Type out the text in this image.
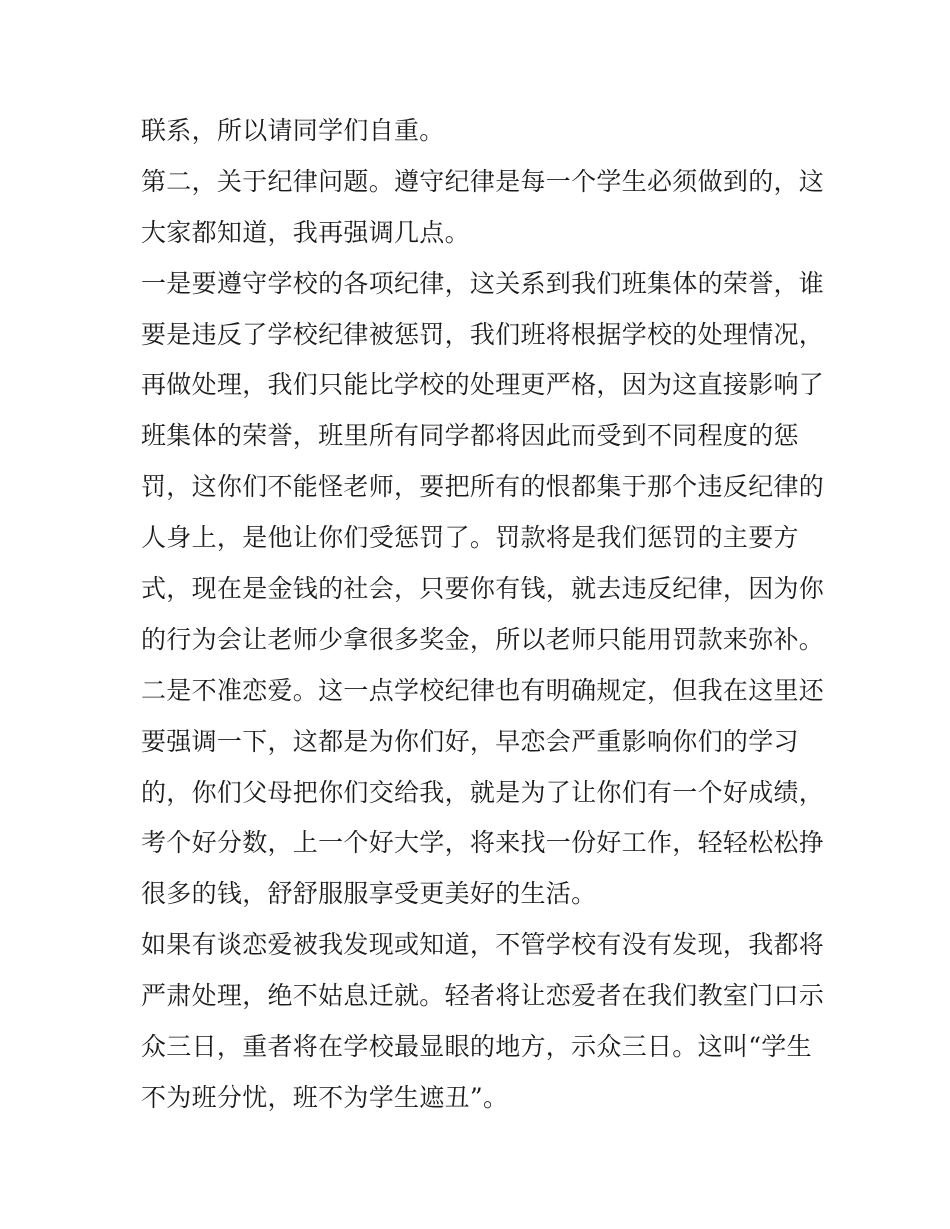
联系，所以请同学们自重。
第二，关于纪律问题。遵守纪律是每一个学生必须做到的，这
大家都知道，我再强调几点。
一是要遵守学校的各项纪律，这关系到我们班集体的荣誉，谁
要是违反了学校纪律被惩罚，我们班将根据学校的处理情况，
再做处理，我们只能比学校的处理更严格，因为这直接影响了
班集体的荣誉，班里所有同学都将因此而受到不同程度的惩
罚，这你们不能怪老师，要把所有的恨都集于那个违反纪律的
人身上，是他让你们受惩罚了。罚款将是我们惩罚的主要方
式，现在是金钱的社会，只要你有钱，就去违反纪律，因为你
的行为会让老师少拿很多奖金，所以老师只能用罚款来弥补。
二是不准恋爱。这一点学校纪律也有明确规定，但我在这里还
要强调一下，这都是为你们好，早恋会严重影响你们的学习
的，你们父母把你们交给我，就是为了让你们有一个好成绩，
考个好分数，上一个好大学，将来找一份好工作，轻轻松松挣
很多的钱，舒舒服服享受更美好的生活。
如果有谈恋爱被我发现或知道，不管学校有没有发现，我都将
严肃处理，绝不姑息迁就。轻者将让恋爱者在我们教室门口示
众三日，重者将在学校最显眼的地方，示众三日。这叫“学生
不为班分忧，班不为学生遮丑”。
